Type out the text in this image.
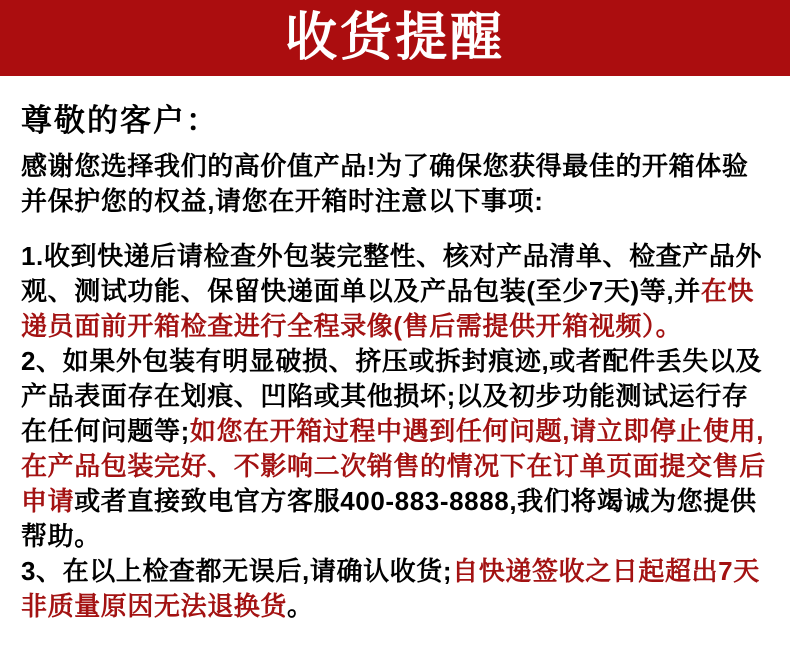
收货提醒
尊敬的客户：

感谢您选择我们的高价值产品!为了确保您获得最佳的开箱体验并保护您的权益,请您在开箱时注意以下事项:

1.收到快递后请检查外包装完整性、核对产品清单、检查产品外观、测试功能、保留快递面单以及产品包装(至少7天)等,并在快递员面前开箱检查进行全程录像(售后需提供开箱视频）。

2、如果外包装有明显破损、挤压或拆封痕迹,或者配件丢失以及产品表面存在划痕、凹陷或其他损坏;以及初步功能测试运行存在任何问题等;如您在开箱过程中遇到任何问题,请立即停止使用,在产品包装完好、不影响二次销售的情况下在订单页面提交售后申请或者直接致电官方客服400-883-8888,我们将竭诚为您提供帮助。

3、在以上检查都无误后,请确认收货;自快递签收之日起超出7天非质量原因无法退换货。
